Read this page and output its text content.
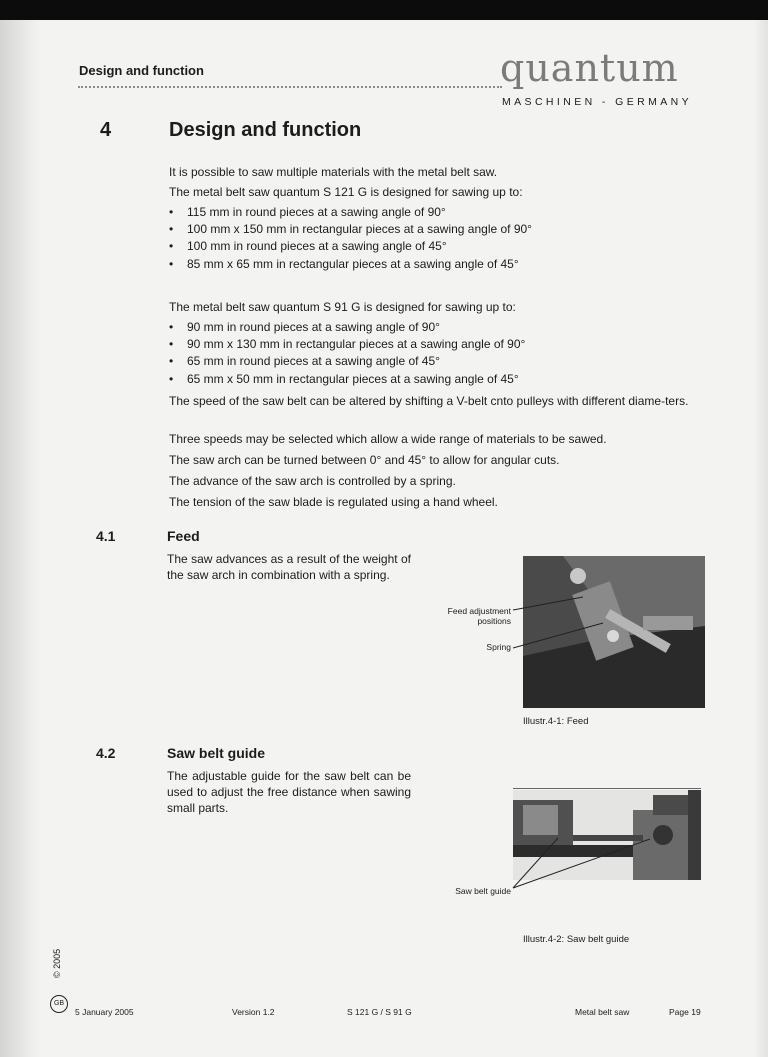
Design and function	quantum
MASCHINEN - GERMANY
4	Design and function
It is possible to saw multiple materials with the metal belt saw.
The metal belt saw quantum S 121 G is designed for sawing up to:
• 115 mm in round pieces at a sawing angle of 90°
• 100 mm x 150 mm in rectangular pieces at a sawing angle of 90°
• 100 mm in round pieces at a sawing angle of 45°
• 85 mm x 65 mm in rectangular pieces at a sawing angle of 45°
The metal belt saw quantum S 91 G is designed for sawing up to:
• 90 mm in round pieces at a sawing angle of 90°
• 90 mm x 130 mm in rectangular pieces at a sawing angle of 90°
• 65 mm in round pieces at a sawing angle of 45°
• 65 mm x 50 mm in rectangular pieces at a sawing angle of 45°
The speed of the saw belt can be altered by shifting a V-belt cnto pulleys with different diame-ters.
Three speeds may be selected which allow a wide range of materials to be sawed.
The saw arch can be turned between 0° and 45° to allow for angular cuts.
The advance of the saw arch is controlled by a spring.
The tension of the saw blade is regulated using a hand wheel.
4.1	Feed
The saw advances as a result of the weight of the saw arch in combination with a spring.
Feed adjustment positions
Spring
Illustr.4-1: Feed
4.2	Saw belt guide
The adjustable guide for the saw belt can be used to adjust the free distance when sawing small parts.
Saw belt guide
Illustr.4-2: Saw belt guide
© 2005
GB
5 January 2005	Version 1.2	S 121 G / S 91 G	Metal belt saw	Page 19
